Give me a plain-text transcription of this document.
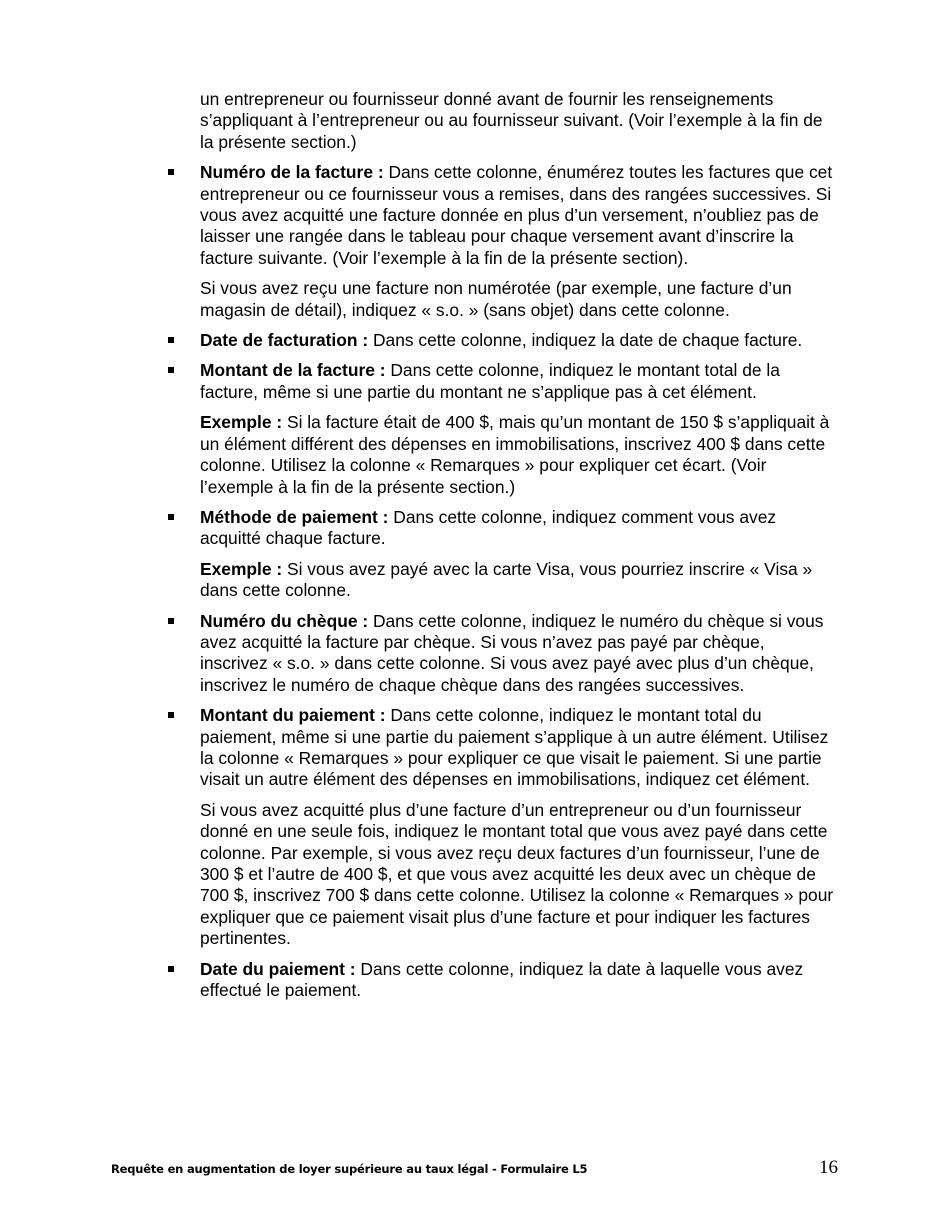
un entrepreneur ou fournisseur donné avant de fournir les renseignements s’appliquant à l’entrepreneur ou au fournisseur suivant. (Voir l’exemple à la fin de la présente section.)

Numéro de la facture : Dans cette colonne, énumérez toutes les factures que cet entrepreneur ou ce fournisseur vous a remises, dans des rangées successives. Si vous avez acquitté une facture donnée en plus d’un versement, n’oubliez pas de laisser une rangée dans le tableau pour chaque versement avant d’inscrire la facture suivante. (Voir l’exemple à la fin de la présente section).

Si vous avez reçu une facture non numérotée (par exemple, une facture d’un magasin de détail), indiquez « s.o. » (sans objet) dans cette colonne.

Date de facturation : Dans cette colonne, indiquez la date de chaque facture.

Montant de la facture : Dans cette colonne, indiquez le montant total de la facture, même si une partie du montant ne s’applique pas à cet élément.

Exemple : Si la facture était de 400 $, mais qu’un montant de 150 $ s’appliquait à un élément différent des dépenses en immobilisations, inscrivez 400 $ dans cette colonne. Utilisez la colonne « Remarques » pour expliquer cet écart. (Voir l’exemple à la fin de la présente section.)

Méthode de paiement : Dans cette colonne, indiquez comment vous avez acquitté chaque facture.

Exemple : Si vous avez payé avec la carte Visa, vous pourriez inscrire « Visa » dans cette colonne.

Numéro du chèque : Dans cette colonne, indiquez le numéro du chèque si vous avez acquitté la facture par chèque. Si vous n’avez pas payé par chèque, inscrivez « s.o. » dans cette colonne. Si vous avez payé avec plus d’un chèque, inscrivez le numéro de chaque chèque dans des rangées successives.

Montant du paiement : Dans cette colonne, indiquez le montant total du paiement, même si une partie du paiement s’applique à un autre élément. Utilisez la colonne « Remarques » pour expliquer ce que visait le paiement. Si une partie visait un autre élément des dépenses en immobilisations, indiquez cet élément.

Si vous avez acquitté plus d’une facture d’un entrepreneur ou d’un fournisseur donné en une seule fois, indiquez le montant total que vous avez payé dans cette colonne. Par exemple, si vous avez reçu deux factures d’un fournisseur, l’une de 300 $ et l’autre de 400 $, et que vous avez acquitté les deux avec un chèque de 700 $, inscrivez 700 $ dans cette colonne. Utilisez la colonne « Remarques » pour expliquer que ce paiement visait plus d’une facture et pour indiquer les factures pertinentes.

Date du paiement : Dans cette colonne, indiquez la date à laquelle vous avez effectué le paiement.

Requête en augmentation de loyer supérieure au taux légal - Formulaire L5	16
